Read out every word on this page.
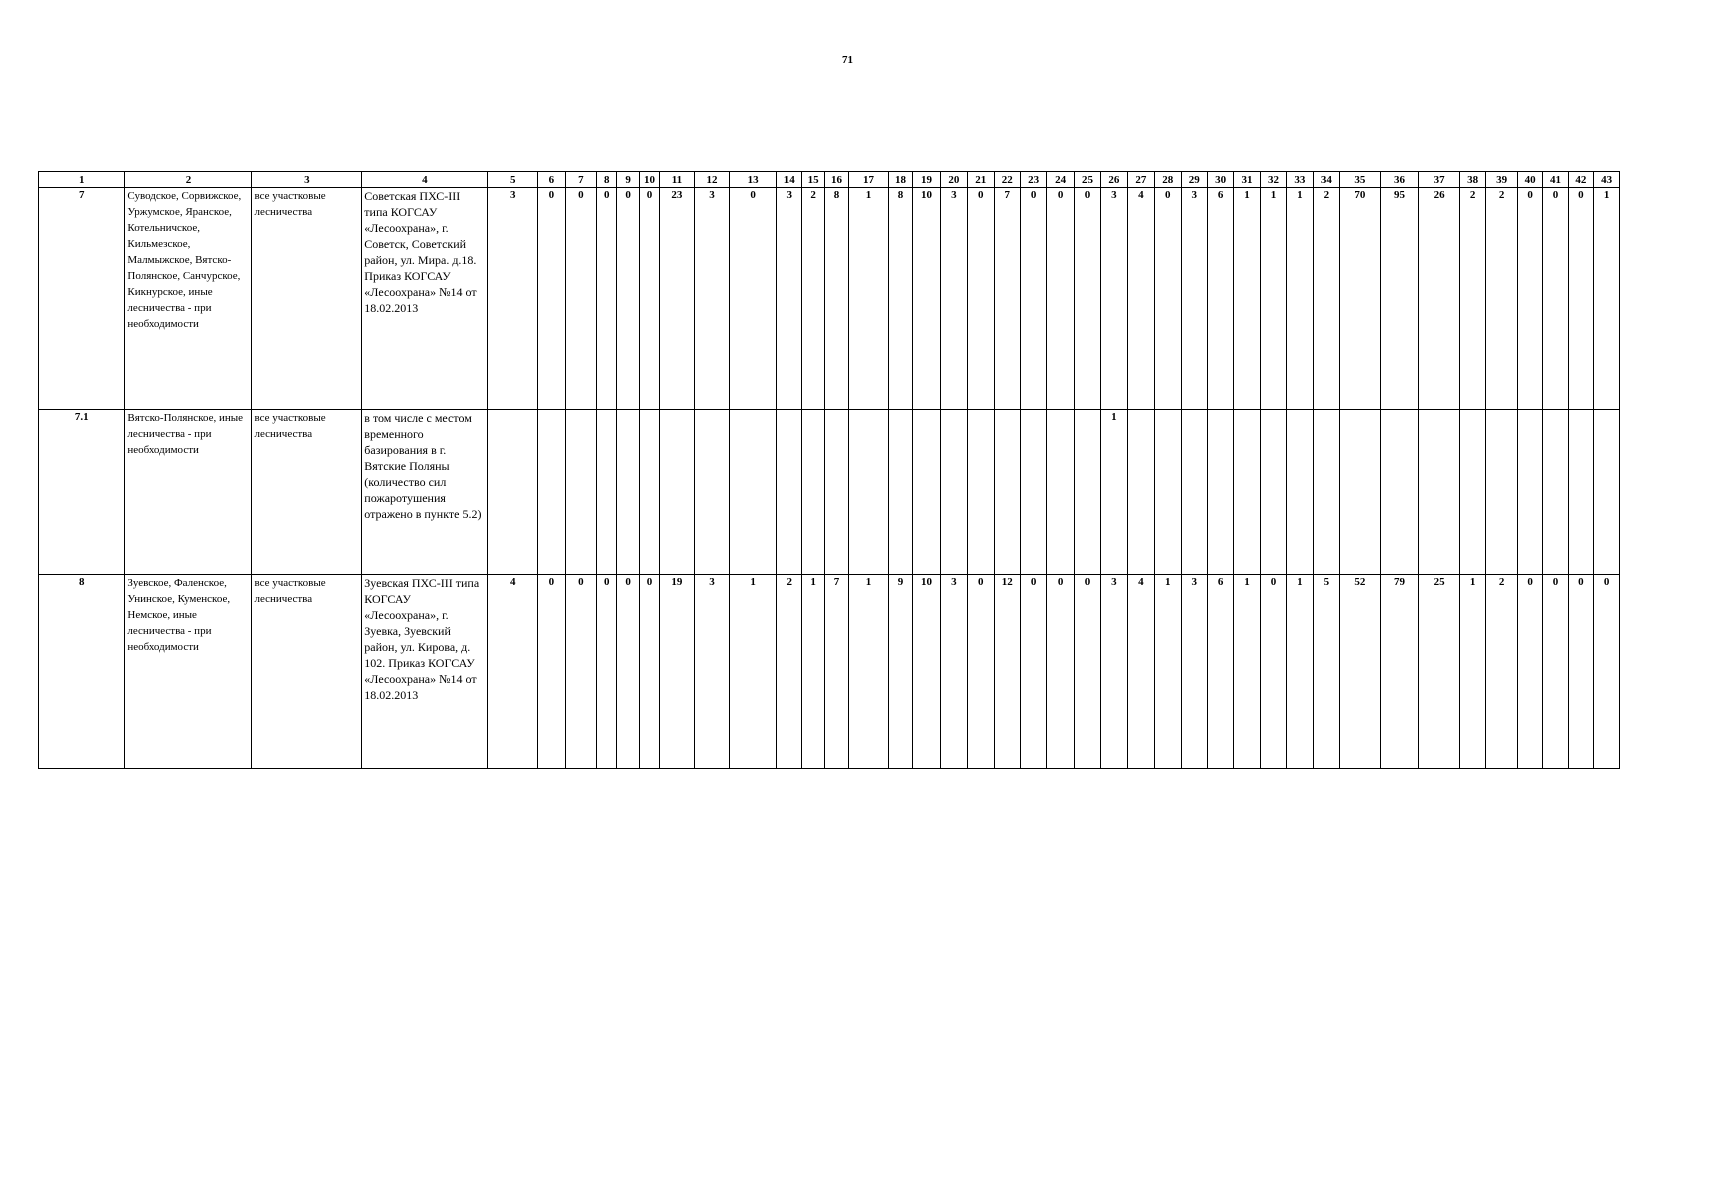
71
1	2	3	4	5	6	7	8	9	10	11	12	13	14	15	16	17	18	19	20	21	22	23	24	25	26	27	28	29	30	31	32	33	34	35	36	37	38	39	40	41	42	43
7	Суводское, Сорвижское, Уржумское, Яранское, Котельничское, Кильмезское, Малмыжское, Вятско-Полянское, Санчурское, Кикнурское, иные лесничества - при необходимости	все участковые лесничества	Советская ПХС-III типа КОГСАУ «Лесоохрана», г. Советск, Советский район, ул. Мира. д.18. Приказ КОГСАУ «Лесоохрана» №14 от 18.02.2013	3	0	0	0	0	0	23	3	0	3	2	8	1	8	10	3	0	7	0	0	0	3	4	0	3	6	1	1	1	2	70	95	26	2	2	0	0	0	1
7.1	Вятско-Полянское, иные лесничества - при необходимости	все участковые лесничества	в том числе с местом временного базирования в г. Вятские Поляны (количество сил пожаротушения отражено в пункте 5.2)																						1																	
8	Зуевское, Фаленское, Унинское, Куменское, Немское, иные лесничества - при необходимости	все участковые лесничества	Зуевская ПХС-III типа КОГСАУ «Лесоохрана», г. Зуевка, Зуевский район, ул. Кирова, д. 102. Приказ КОГСАУ «Лесоохрана» №14 от 18.02.2013	4	0	0	0	0	0	19	3	1	2	1	7	1	9	10	3	0	12	0	0	0	3	4	1	3	6	1	0	1	5	52	79	25	1	2	0	0	0	0
